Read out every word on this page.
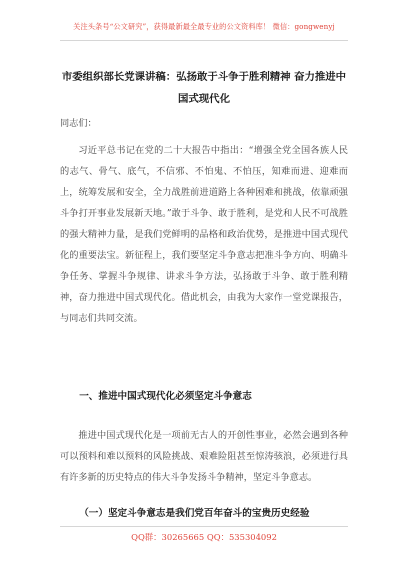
关注头条号“公文研究”，获得最新最全最专业的公文资料库！ 微信：gongwenyj
市委组织部长党课讲稿：弘扬敢于斗争于胜利精神 奋力推进中国式现代化

同志们：

习近平总书记在党的二十大报告中指出：“增强全党全国各族人民的志气、骨气、底气，不信邪、不怕鬼、不怕压，知难而进、迎难而上，统筹发展和安全，全力战胜前进道路上各种困难和挑战，依靠顽强斗争打开事业发展新天地。”敢于斗争、敢于胜利，是党和人民不可战胜的强大精神力量，是我们党鲜明的品格和政治优势，是推进中国式现代化的重要法宝。新征程上，我们要坚定斗争意志把准斗争方向、明确斗争任务、掌握斗争规律、讲求斗争方法，弘扬敢于斗争、敢于胜利精神，奋力推进中国式现代化。借此机会，由我为大家作一堂党课报告，与同志们共同交流。

一、推进中国式现代化必须坚定斗争意志

推进中国式现代化是一项前无古人的开创性事业，必然会遇到各种可以预料和难以预料的风险挑战、艰难险阻甚至惊涛骇浪，必须进行具有许多新的历史特点的伟大斗争发扬斗争精神，坚定斗争意志。

（一）坚定斗争意志是我们党百年奋斗的宝贵历史经验
QQ群：30265665 QQ：535304092
